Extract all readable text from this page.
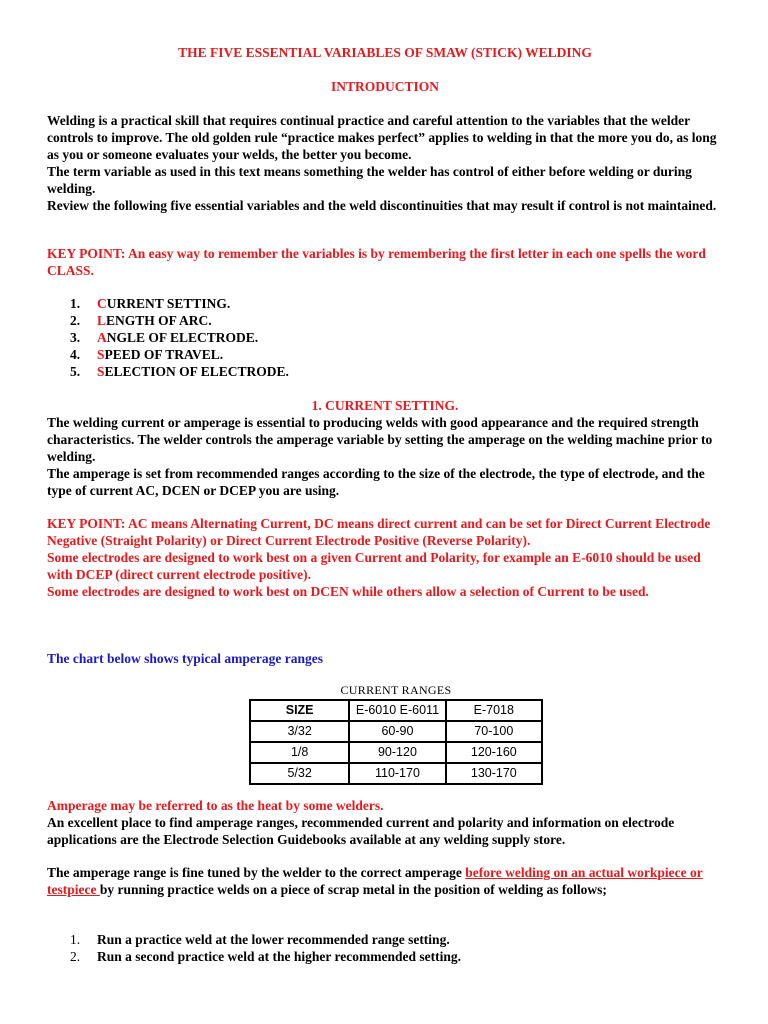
THE FIVE ESSENTIAL VARIABLES OF SMAW (STICK) WELDING

INTRODUCTION

Welding is a practical skill that requires continual practice and careful attention to the variables that the welder controls to improve. The old golden rule “practice makes perfect” applies to welding in that the more you do, as long as you or someone evaluates your welds, the better you become.

The term variable as used in this text means something the welder has control of either before welding or during welding.

Review the following five essential variables and the weld discontinuities that may result if control is not maintained.

KEY POINT: An easy way to remember the variables is by remembering the first letter in each one spells the word CLASS.

1.	CURRENT SETTING.
2.	LENGTH OF ARC.
3.	ANGLE OF ELECTRODE.
4.	SPEED OF TRAVEL.
5.	SELECTION OF ELECTRODE.

1. CURRENT SETTING.

The welding current or amperage is essential to producing welds with good appearance and the required strength characteristics. The welder controls the amperage variable by setting the amperage on the welding machine prior to welding.

The amperage is set from recommended ranges according to the size of the electrode, the type of electrode, and the type of current AC, DCEN or DCEP you are using.

KEY POINT: AC means Alternating Current, DC means direct current and can be set for Direct Current Electrode Negative (Straight Polarity) or Direct Current Electrode Positive (Reverse Polarity).

Some electrodes are designed to work best on a given Current and Polarity, for example an E-6010 should be used with DCEP (direct current electrode positive).

Some electrodes are designed to work best on DCEN while others allow a selection of Current to be used.

The chart below shows typical amperage ranges

CURRENT RANGES
SIZE	E-6010 E-6011	E-7018
3/32	60-90	70-100
1/8	90-120	120-160
5/32	110-170	130-170

Amperage may be referred to as the heat by some welders.

An excellent place to find amperage ranges, recommended current and polarity and information on electrode applications are the Electrode Selection Guidebooks available at any welding supply store.

The amperage range is fine tuned by the welder to the correct amperage before welding on an actual workpiece or testpiece by running practice welds on a piece of scrap metal in the position of welding as follows;

1.	Run a practice weld at the lower recommended range setting.
2.	Run a second practice weld at the higher recommended setting.
